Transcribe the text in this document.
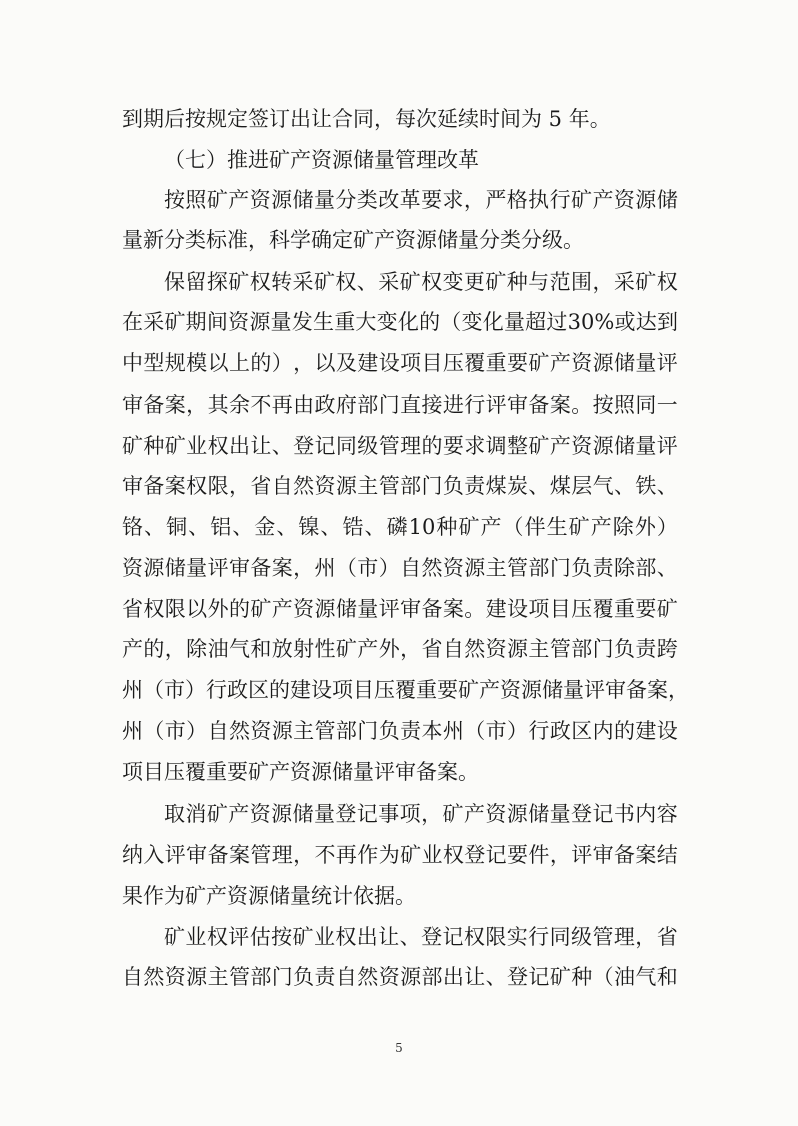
到期后按规定签订出让合同，每次延续时间为 5 年。
（七）推进矿产资源储量管理改革
按 照 矿 产 资 源 储 量 分 类 改 革 要 求 ， 严 格 执 行 矿 产 资 源 储
量新分类标准，科学确定矿产资源储量分类分级。
保 留 探 矿 权 转 采 矿 权 、 采 矿 权 变 更 矿 种 与 范 围 ， 采 矿 权
在 采 矿 期 间 资 源 量 发 生 重 大 变 化 的 （ 变 化 量 超 过 30% 或 达 到
中 型 规 模 以 上 的 ） ， 以 及 建 设 项 目 压 覆 重 要 矿 产 资 源 储 量 评
审 备 案 ， 其 余 不 再 由 政 府 部 门 直 接 进 行 评 审 备 案 。 按 照 同 一
矿 种 矿 业 权 出 让 、 登 记 同 级 管 理 的 要 求 调 整 矿 产 资 源 储 量 评
审 备 案 权 限 ， 省 自 然 资 源 主 管 部 门 负 责 煤 炭 、 煤 层 气 、 铁 、
铬 、 铜 、 铝 、 金 、 镍 、 锆 、 磷 10 种 矿 产 （ 伴 生 矿 产 除 外 ）
资 源 储 量 评 审 备 案 ， 州 （ 市 ） 自 然 资 源 主 管 部 门 负 责 除 部 、
省 权 限 以 外 的 矿 产 资 源 储 量 评 审 备 案 。 建 设 项 目 压 覆 重 要 矿
产 的 ， 除 油 气 和 放 射 性 矿 产 外 ， 省 自 然 资 源 主 管 部 门 负 责 跨
州 （ 市 ） 行 政 区 的 建 设 项 目 压 覆 重 要 矿 产 资 源 储 量 评 审 备 案 ，
州 （ 市 ） 自 然 资 源 主 管 部 门 负 责 本 州 （ 市 ） 行 政 区 内 的 建 设
项目压覆重要矿产资源储量评审备案。
取 消 矿 产 资 源 储 量 登 记 事 项 ， 矿 产 资 源 储 量 登 记 书 内 容
纳 入 评 审 备 案 管 理 ， 不 再 作 为 矿 业 权 登 记 要 件 ， 评 审 备 案 结
果作为矿产资源储量统计依据。
矿 业 权 评 估 按 矿 业 权 出 让 、 登 记 权 限 实 行 同 级 管 理 ， 省
自 然 资 源 主 管 部 门 负 责 自 然 资 源 部 出 让 、 登 记 矿 种 （ 油 气 和
5
